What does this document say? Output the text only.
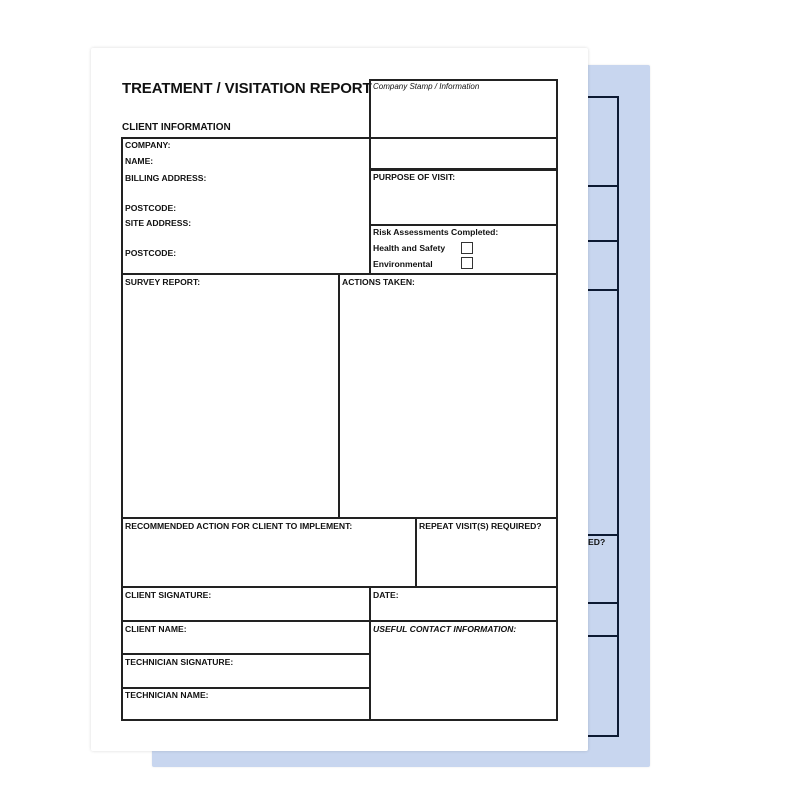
ED?
TREATMENT / VISITATION REPORT
CLIENT INFORMATION
Company Stamp / Information
COMPANY:
NAME:
BILLING ADDRESS:
POSTCODE:
SITE ADDRESS:
POSTCODE:
PURPOSE OF VISIT:
Risk Assessments Completed:
Health and Safety
Environmental
SURVEY REPORT:	ACTIONS TAKEN:
RECOMMENDED ACTION FOR CLIENT TO IMPLEMENT:	REPEAT VISIT(S) REQUIRED?
CLIENT SIGNATURE:	DATE:
CLIENT NAME:	USEFUL CONTACT INFORMATION:
TECHNICIAN SIGNATURE:
TECHNICIAN NAME:
